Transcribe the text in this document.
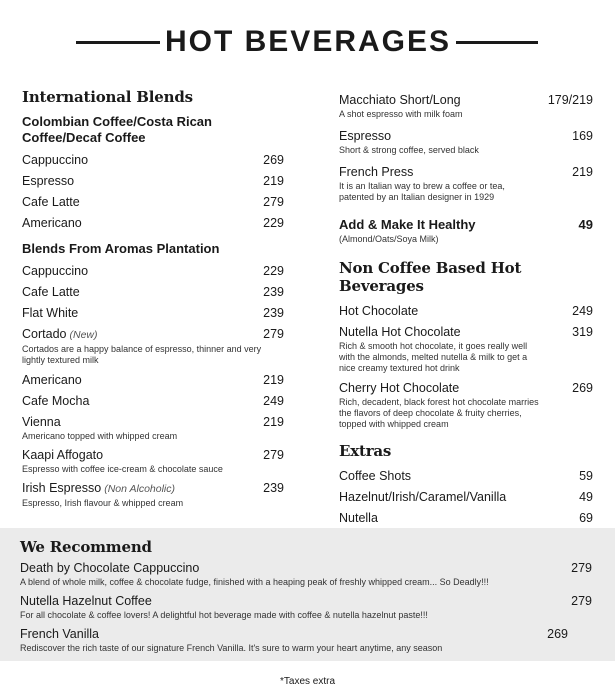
HOT BEVERAGES
International Blends
Colombian Coffee/Costa Rican Coffee/Decaf Coffee
Cappuccino	269
Espresso	219
Cafe Latte	279
Americano	229
Blends From Aromas Plantation
Cappuccino	229
Cafe Latte	239
Flat White	239
Cortado (New)	279
Cortados are a happy balance of espresso, thinner and very lightly textured milk
Americano	219
Cafe Mocha	249
Vienna	219
Americano topped with whipped cream
Kaapi Affogato	279
Espresso with coffee ice-cream & chocolate sauce
Irish Espresso (Non Alcoholic)	239
Espresso, Irish flavour & whipped cream
Macchiato Short/Long	179/219
A shot espresso with milk foam
Espresso	169
Short & strong coffee, served black
French Press	219
It is an Italian way to brew a coffee or tea, patented by an Italian designer in 1929
Add & Make It Healthy	49
(Almond/Oats/Soya Milk)
Non Coffee Based Hot Beverages
Hot Chocolate	249
Nutella Hot Chocolate	319
Rich & smooth hot chocolate, it goes really well with the almonds, melted nutella & milk to get a nice creamy textured hot drink
Cherry Hot Chocolate	269
Rich, decadent, black forest hot chocolate marries the flavors of deep chocolate & fruity cherries, topped with whipped cream
Extras
Coffee Shots	59
Hazelnut/Irish/Caramel/Vanilla	49
Nutella	69
We Recommend
Death by Chocolate Cappuccino	279
A blend of whole milk, coffee & chocolate fudge, finished with a heaping peak of freshly whipped cream... So Deadly!!!
Nutella Hazelnut Coffee	279
For all chocolate & coffee lovers! A delightful hot beverage made with coffee & nutella hazelnut paste!!!
French Vanilla	269
Rediscover the rich taste of our signature French Vanilla. It's sure to warm your heart anytime, any season
*Taxes extra
